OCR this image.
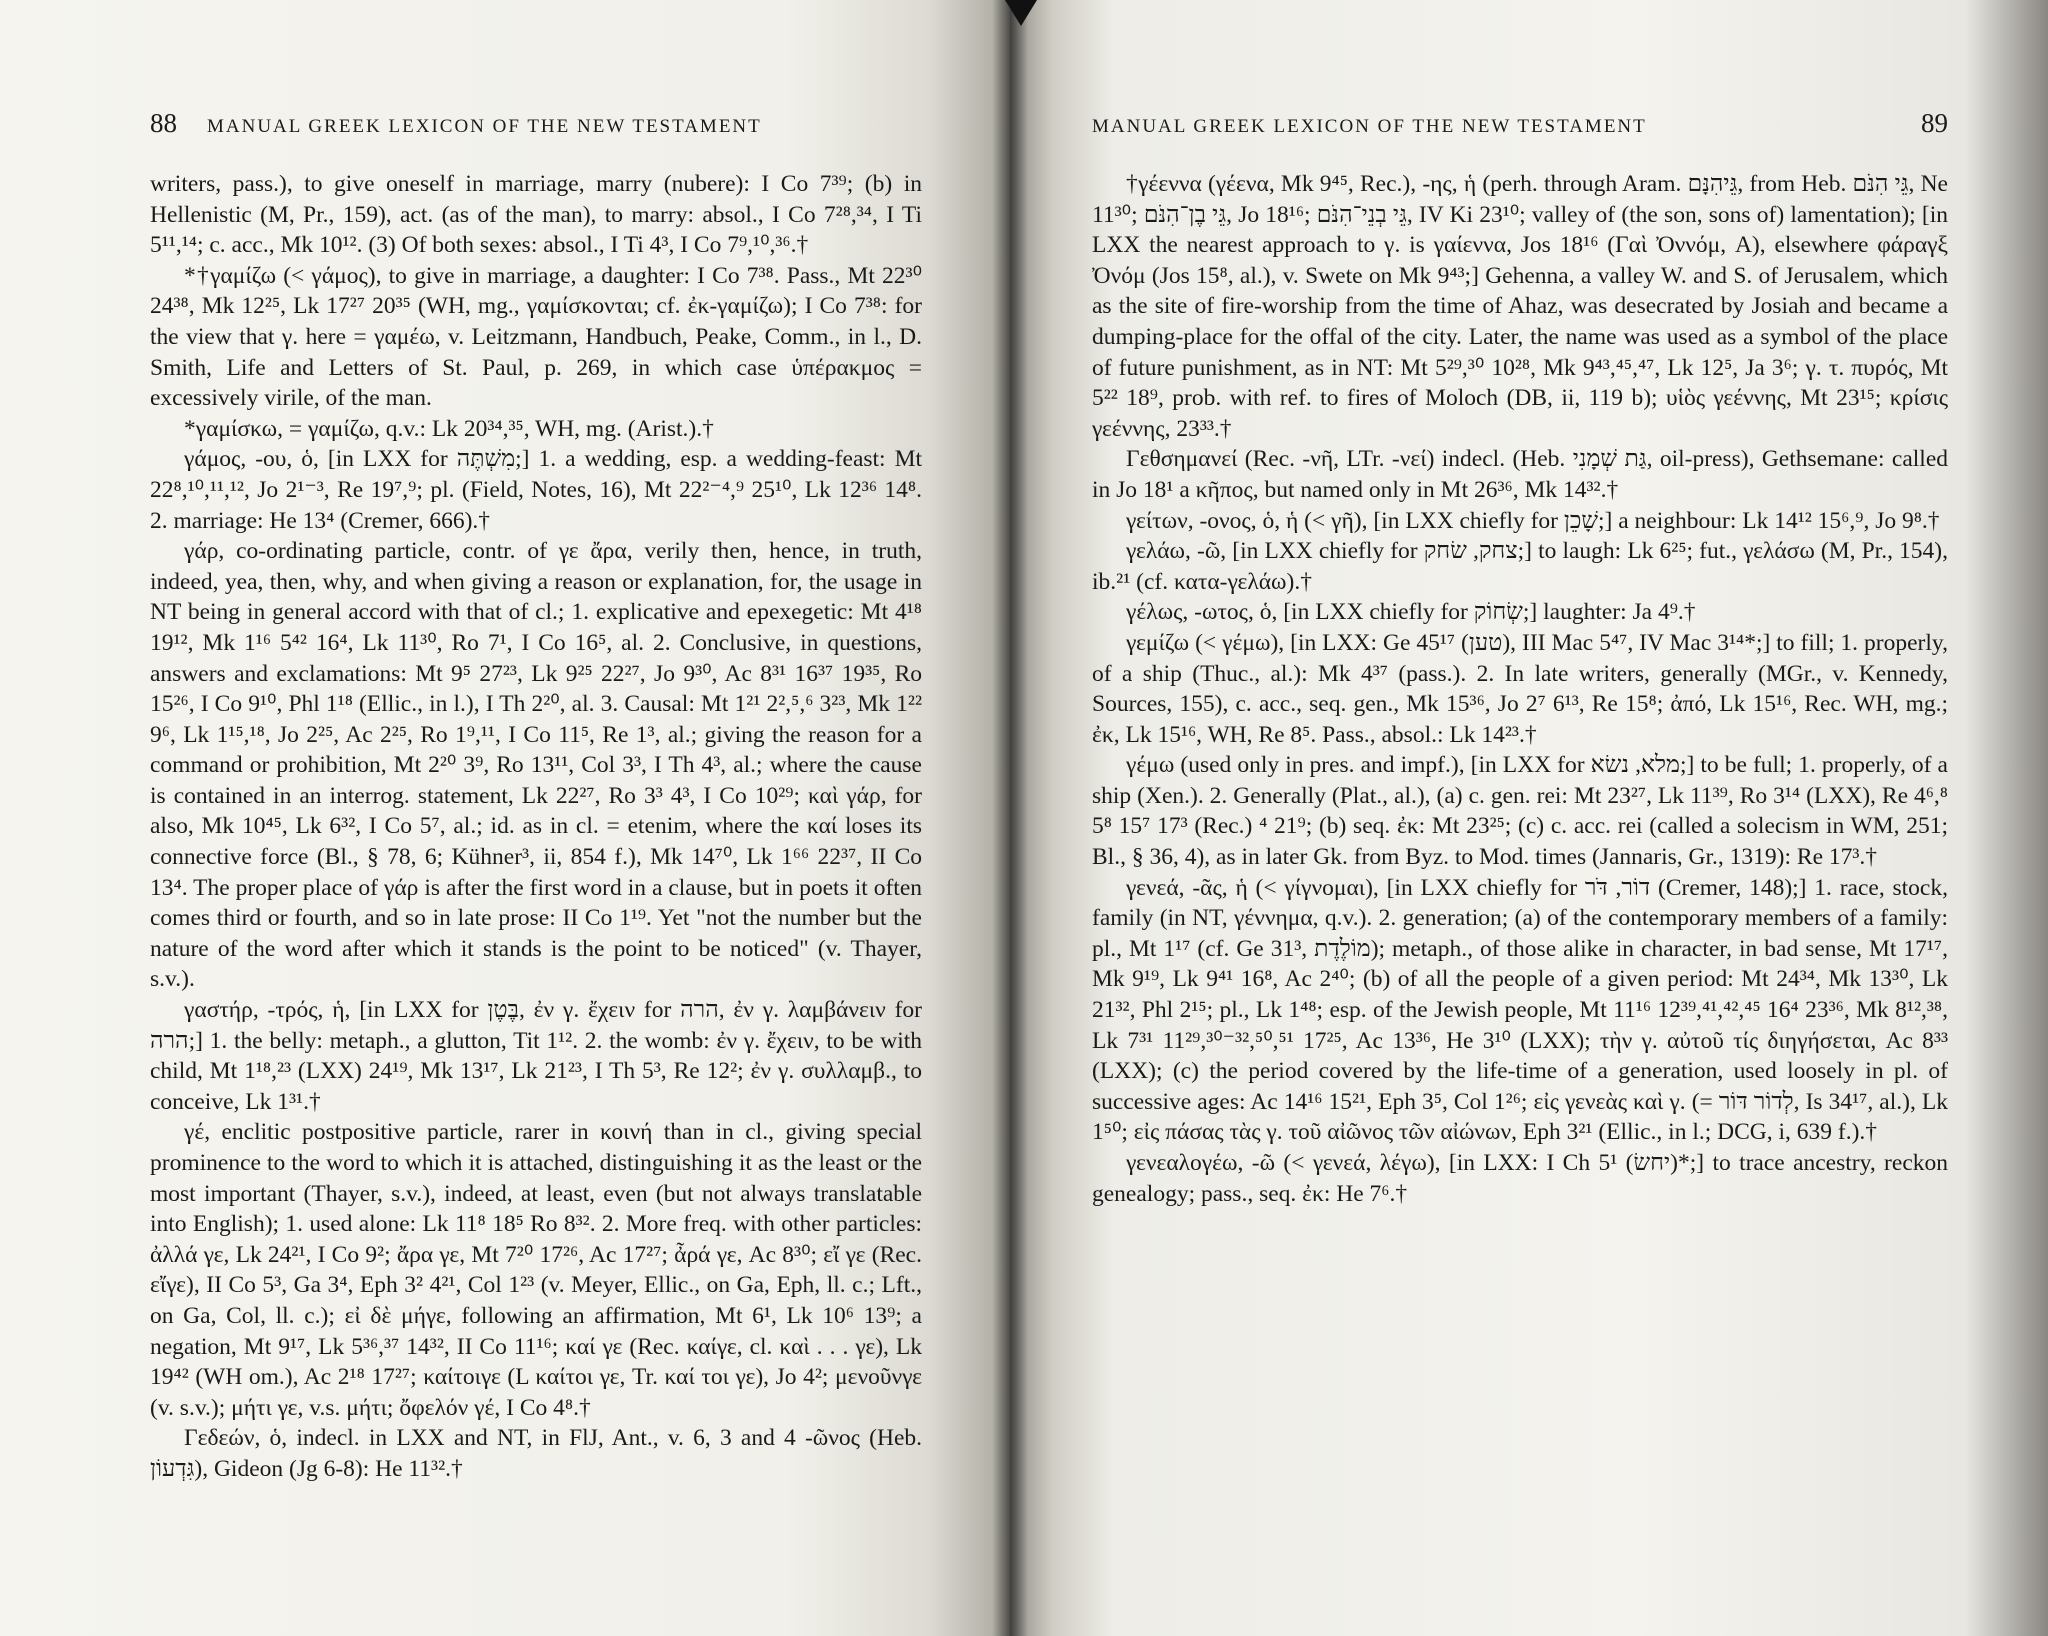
88 MANUAL GREEK LEXICON OF THE NEW TESTAMENT

writers, pass.), to give oneself in marriage, marry (nubere): I Co 7³⁹; (b) in Hellenistic (M, Pr., 159), act. (as of the man), to marry: absol., I Co 7²⁸,³⁴, I Ti 5¹¹,¹⁴; c. acc., Mk 10¹². (3) Of both sexes: absol., I Ti 4³, I Co 7⁹,¹⁰,³⁶.†

*†γαμίζω (< γάμος), to give in marriage, a daughter: I Co 7³⁸. Pass., Mt 22³⁰ 24³⁸, Mk 12²⁵, Lk 17²⁷ 20³⁵ (WH, mg., γαμίσκονται; cf. ἐκ-γαμίζω); I Co 7³⁸: for the view that γ. here = γαμέω, v. Leitzmann, Handbuch, Peake, Comm., in l., D. Smith, Life and Letters of St. Paul, p. 269, in which case ὑπέρακμος = excessively virile, of the man.

*γαμίσκω, = γαμίζω, q.v.: Lk 20³⁴,³⁵, WH, mg. (Arist.).†

γάμος, -ου, ὁ, [in LXX for מִשְׁתֶּה;] 1. a wedding, esp. a wedding-feast: Mt 22⁸,¹⁰,¹¹,¹², Jo 2¹⁻³, Re 19⁷,⁹; pl. (Field, Notes, 16), Mt 22²⁻⁴,⁹ 25¹⁰, Lk 12³⁶ 14⁸. 2. marriage: He 13⁴ (Cremer, 666).†

γάρ, co-ordinating particle, contr. of γε ἄρα, verily then, hence, in truth, indeed, yea, then, why, and when giving a reason or explanation, for, the usage in NT being in general accord with that of cl.; 1. explicative and epexegetic: Mt 4¹⁸ 19¹², Mk 1¹⁶ 5⁴² 16⁴, Lk 11³⁰, Ro 7¹, I Co 16⁵, al. 2. Conclusive, in questions, answers and exclamations: Mt 9⁵ 27²³, Lk 9²⁵ 22²⁷, Jo 9³⁰, Ac 8³¹ 16³⁷ 19³⁵, Ro 15²⁶, I Co 9¹⁰, Phl 1¹⁸ (Ellic., in l.), I Th 2²⁰, al. 3. Causal: Mt 1²¹ 2²,⁵,⁶ 3²³, Mk 1²² 9⁶, Lk 1¹⁵,¹⁸, Jo 2²⁵, Ac 2²⁵, Ro 1⁹,¹¹, I Co 11⁵, Re 1³, al.; giving the reason for a command or prohibition, Mt 2²⁰ 3⁹, Ro 13¹¹, Col 3³, I Th 4³, al.; where the cause is contained in an interrog. statement, Lk 22²⁷, Ro 3³ 4³, I Co 10²⁹; καὶ γάρ, for also, Mk 10⁴⁵, Lk 6³², I Co 5⁷, al.; id. as in cl. = etenim, where the καί loses its connective force (Bl., § 78, 6; Kühner³, ii, 854 f.), Mk 14⁷⁰, Lk 1⁶⁶ 22³⁷, II Co 13⁴. The proper place of γάρ is after the first word in a clause, but in poets it often comes third or fourth, and so in late prose: II Co 1¹⁹. Yet "not the number but the nature of the word after which it stands is the point to be noticed" (v. Thayer, s.v.).

γαστήρ, -τρός, ἡ, [in LXX for בֶּטֶן, ἐν γ. ἔχειν for הרה, ἐν γ. λαμβάνειν for הרה;] 1. the belly: metaph., a glutton, Tit 1¹². 2. the womb: ἐν γ. ἔχειν, to be with child, Mt 1¹⁸,²³ (LXX) 24¹⁹, Mk 13¹⁷, Lk 21²³, I Th 5³, Re 12²; ἐν γ. συλλαμβ., to conceive, Lk 1³¹.†

γέ, enclitic postpositive particle, rarer in κοινή than in cl., giving special prominence to the word to which it is attached, distinguishing it as the least or the most important (Thayer, s.v.), indeed, at least, even (but not always translatable into English); 1. used alone: Lk 11⁸ 18⁵ Ro 8³². 2. More freq. with other particles: ἀλλά γε, Lk 24²¹, I Co 9²; ἄρα γε, Mt 7²⁰ 17²⁶, Ac 17²⁷; ἆρά γε, Ac 8³⁰; εἴ γε (Rec. εἴγε), II Co 5³, Ga 3⁴, Eph 3² 4²¹, Col 1²³ (v. Meyer, Ellic., on Ga, Eph, ll. c.; Lft., on Ga, Col, ll. c.); εἰ δὲ μήγε, following an affirmation, Mt 6¹, Lk 10⁶ 13⁹; a negation, Mt 9¹⁷, Lk 5³⁶,³⁷ 14³², II Co 11¹⁶; καί γε (Rec. καίγε, cl. καὶ . . . γε), Lk 19⁴² (WH om.), Ac 2¹⁸ 17²⁷; καίτοιγε (L καίτοι γε, Tr. καί τοι γε), Jo 4²; μενοῦνγε (v. s.v.); μήτι γε, v.s. μήτι; ὄφελόν γέ, I Co 4⁸.†

Γεδεών, ὁ, indecl. in LXX and NT, in FlJ, Ant., v. 6, 3 and 4 -ῶνος (Heb. גִּדְעוֹן), Gideon (Jg 6-8): He 11³².†

MANUAL GREEK LEXICON OF THE NEW TESTAMENT	89

†γέεννα (γέενα, Mk 9⁴⁵, Rec.), -ης, ἡ (perh. through Aram. גֵּיהִנָּם, from Heb. גֵּי הִנֹּם, Ne 11³⁰; גֵּי בֶן־הִנֹּם, Jo 18¹⁶; גֵּי בְנֵי־הִנֹּם, IV Ki 23¹⁰; valley of (the son, sons of) lamentation); [in LXX the nearest approach to γ. is γαίεννα, Jos 18¹⁶ (Γαὶ Ὀννόμ, A), elsewhere φάραγξ Ὀνόμ (Jos 15⁸, al.), v. Swete on Mk 9⁴³;] Gehenna, a valley W. and S. of Jerusalem, which as the site of fire-worship from the time of Ahaz, was desecrated by Josiah and became a dumping-place for the offal of the city. Later, the name was used as a symbol of the place of future punishment, as in NT: Mt 5²⁹,³⁰ 10²⁸, Mk 9⁴³,⁴⁵,⁴⁷, Lk 12⁵, Ja 3⁶; γ. τ. πυρός, Mt 5²² 18⁹, prob. with ref. to fires of Moloch (DB, ii, 119 b); υἱὸς γεέννης, Mt 23¹⁵; κρίσις γεέννης, 23³³.†

Γεθσημανεί (Rec. -νῆ, LTr. -νεί) indecl. (Heb. גַּת שְׁמָנִי, oil-press), Gethsemane: called in Jo 18¹ a κῆπος, but named only in Mt 26³⁶, Mk 14³².†

γείτων, -ονος, ὁ, ἡ (< γῆ), [in LXX chiefly for שָׁכֵן;] a neighbour: Lk 14¹² 15⁶,⁹, Jo 9⁸.†

γελάω, -ῶ, [in LXX chiefly for צחק, שׂחק;] to laugh: Lk 6²⁵; fut., γελάσω (M, Pr., 154), ib.²¹ (cf. κατα-γελάω).†

γέλως, -ωτος, ὁ, [in LXX chiefly for שְׂחוֹק;] laughter: Ja 4⁹.†

γεμίζω (< γέμω), [in LXX: Ge 45¹⁷ (טען), III Mac 5⁴⁷, IV Mac 3¹⁴*;] to fill; 1. properly, of a ship (Thuc., al.): Mk 4³⁷ (pass.). 2. In late writers, generally (MGr., v. Kennedy, Sources, 155), c. acc., seq. gen., Mk 15³⁶, Jo 2⁷ 6¹³, Re 15⁸; ἀπό, Lk 15¹⁶, Rec. WH, mg.; ἐκ, Lk 15¹⁶, WH, Re 8⁵. Pass., absol.: Lk 14²³.†

γέμω (used only in pres. and impf.), [in LXX for מלא, נשׂא;] to be full; 1. properly, of a ship (Xen.). 2. Generally (Plat., al.), (a) c. gen. rei: Mt 23²⁷, Lk 11³⁹, Ro 3¹⁴ (LXX), Re 4⁶,⁸ 5⁸ 15⁷ 17³ (Rec.) ⁴ 21⁹; (b) seq. ἐκ: Mt 23²⁵; (c) c. acc. rei (called a solecism in WM, 251; Bl., § 36, 4), as in later Gk. from Byz. to Mod. times (Jannaris, Gr., 1319): Re 17³.†

γενεά, -ᾶς, ἡ (< γίγνομαι), [in LXX chiefly for דוֹר, דֹּר (Cremer, 148);] 1. race, stock, family (in NT, γέννημα, q.v.). 2. generation; (a) of the contemporary members of a family: pl., Mt 1¹⁷ (cf. Ge 31³, מוֹלֶדֶת); metaph., of those alike in character, in bad sense, Mt 17¹⁷, Mk 9¹⁹, Lk 9⁴¹ 16⁸, Ac 2⁴⁰; (b) of all the people of a given period: Mt 24³⁴, Mk 13³⁰, Lk 21³², Phl 2¹⁵; pl., Lk 1⁴⁸; esp. of the Jewish people, Mt 11¹⁶ 12³⁹,⁴¹,⁴²,⁴⁵ 16⁴ 23³⁶, Mk 8¹²,³⁸, Lk 7³¹ 11²⁹,³⁰⁻³²,⁵⁰,⁵¹ 17²⁵, Ac 13³⁶, He 3¹⁰ (LXX); τὴν γ. αὐτοῦ τίς διηγήσεται, Ac 8³³ (LXX); (c) the period covered by the life-time of a generation, used loosely in pl. of successive ages: Ac 14¹⁶ 15²¹, Eph 3⁵, Col 1²⁶; εἰς γενεὰς καὶ γ. (= לְדוֹר דּוֹר, Is 34¹⁷, al.), Lk 1⁵⁰; εἰς πάσας τὰς γ. τοῦ αἰῶνος τῶν αἰώνων, Eph 3²¹ (Ellic., in l.; DCG, i, 639 f.).†

γενεαλογέω, -ῶ (< γενεά, λέγω), [in LXX: I Ch 5¹ (יחשׂ)*;] to trace ancestry, reckon genealogy; pass., seq. ἐκ: He 7⁶.†
